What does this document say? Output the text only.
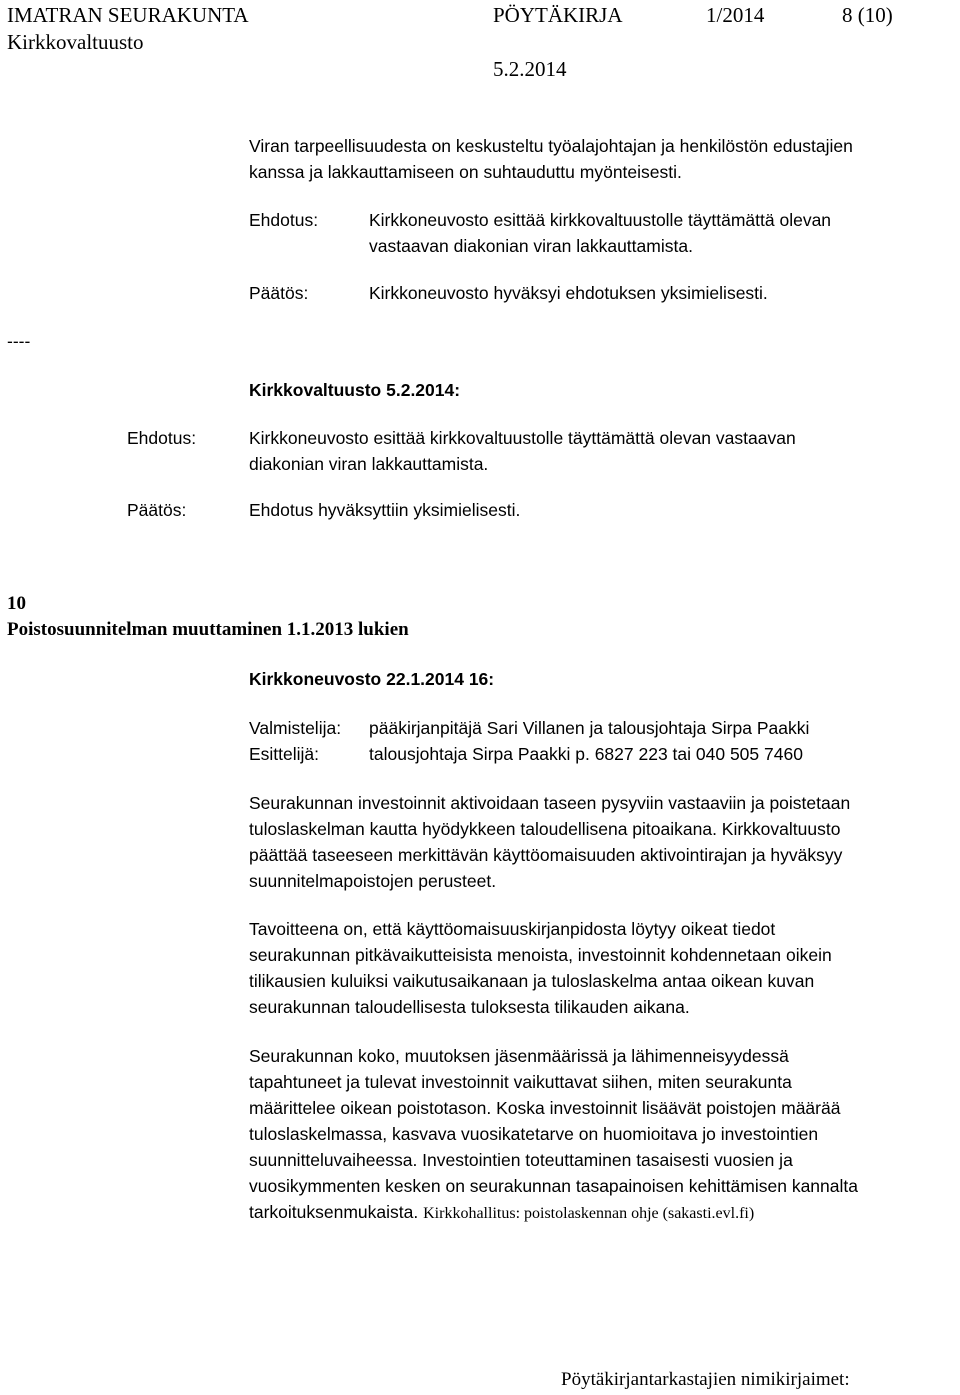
IMATRAN SEURAKUNTA	PÖYTÄKIRJA	1/2014	8 (10)
Kirkkovaltuusto
5.2.2014
Viran tarpeellisuudesta on keskusteltu työalajohtajan ja henkilöstön edustajien
kanssa ja lakkauttamiseen on suhtauduttu myönteisesti.
Ehdotus:	Kirkkoneuvosto esittää kirkkovaltuustolle täyttämättä olevan
vastaavan diakonian viran lakkauttamista.
Päätös:	Kirkkoneuvosto hyväksyi ehdotuksen yksimielisesti.
----
Kirkkovaltuusto 5.2.2014:
Ehdotus:	Kirkkoneuvosto esittää kirkkovaltuustolle täyttämättä olevan vastaavan
diakonian viran lakkauttamista.
Päätös:	Ehdotus hyväksyttiin yksimielisesti.
10
Poistosuunnitelman muuttaminen 1.1.2013 lukien
Kirkkoneuvosto 22.1.2014 16:
Valmistelija: pääkirjanpitäjä Sari Villanen ja talousjohtaja Sirpa Paakki
Esittelijä:	talousjohtaja Sirpa Paakki p. 6827 223 tai 040 505 7460
Seurakunnan investoinnit aktivoidaan taseen pysyviin vastaaviin ja poistetaan
tuloslaskelman kautta hyödykkeen taloudellisena pitoaikana. Kirkkovaltuusto
päättää taseeseen merkittävän käyttöomaisuuden aktivointirajan ja hyväksyy
suunnitelmapoistojen perusteet.
Tavoitteena on, että käyttöomaisuuskirjanpidosta löytyy oikeat tiedot
seurakunnan pitkävaikutteisista menoista, investoinnit kohdennetaan oikein
tilikausien kuluiksi vaikutusaikanaan ja tuloslaskelma antaa oikean kuvan
seurakunnan taloudellisesta tuloksesta tilikauden aikana.
Seurakunnan koko, muutoksen jäsenmäärissä ja lähimenneisyydessä
tapahtuneet ja tulevat investoinnit vaikuttavat siihen, miten seurakunta
määrittelee oikean poistotason. Koska investoinnit lisäävät poistojen määrää
tuloslaskelmassa, kasvava vuosikatetarve on huomioitava jo investointien
suunnitteluvaiheessa. Investointien toteuttaminen tasaisesti vuosien ja
vuosikymmenten kesken on seurakunnan tasapainoisen kehittämisen kannalta
tarkoituksenmukaista. Kirkkohallitus: poistolaskennan ohje (sakasti.evl.fi)
Pöytäkirjantarkastajien nimikirjaimet:
